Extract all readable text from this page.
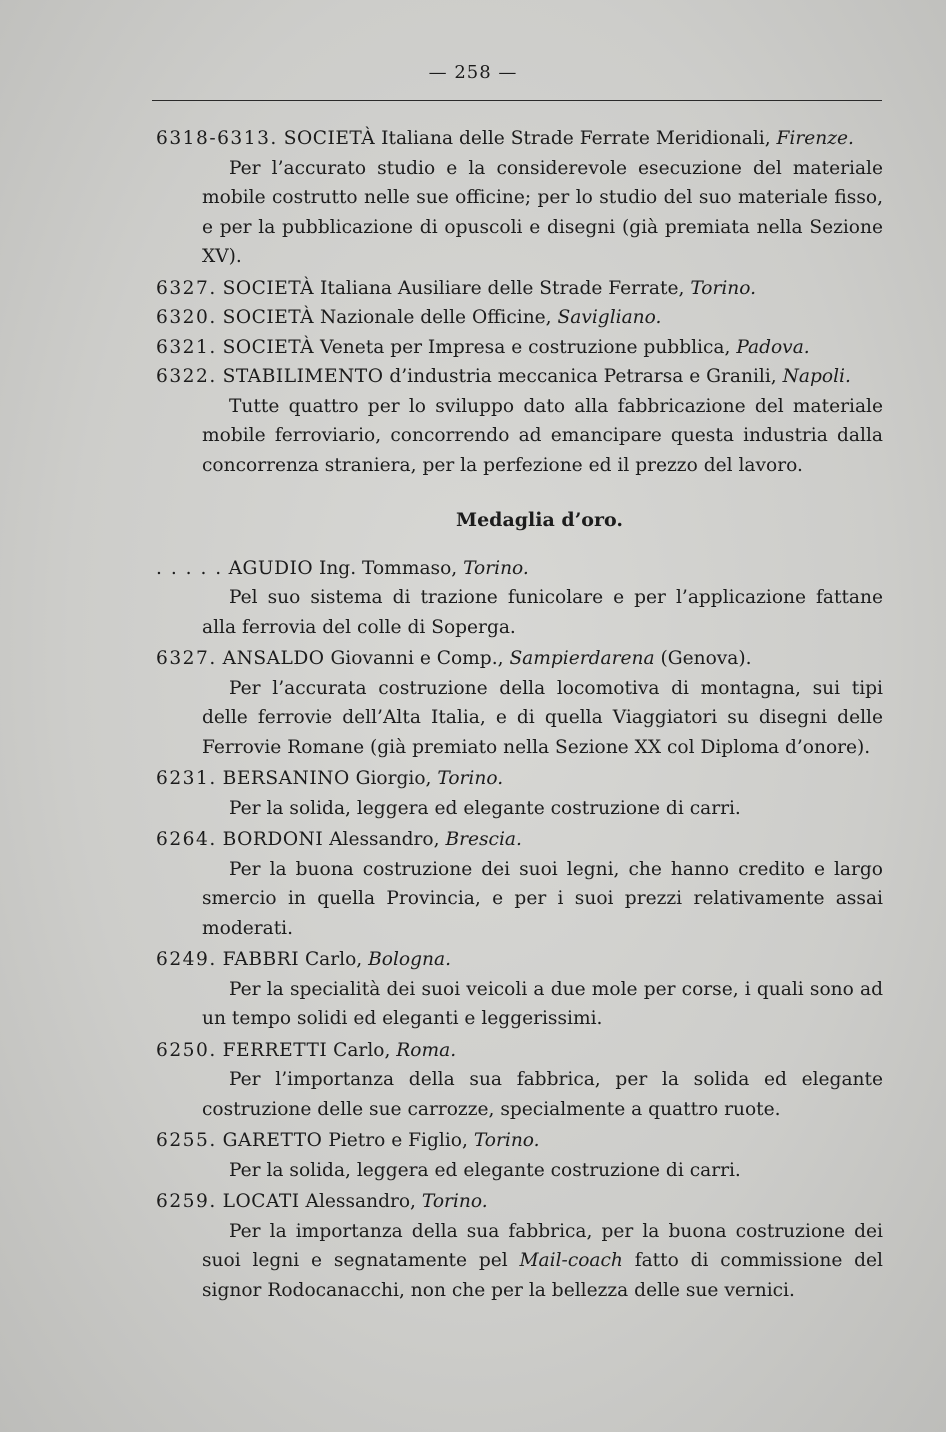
— 258 —

6318-6313. SOCIETÀ Italiana delle Strade Ferrate Meridionali, Firenze.

Per l’accurato studio e la considerevole esecuzione del materiale mobile costrutto nelle sue officine; per lo studio del suo materiale fisso, e per la pubblicazione di opuscoli e disegni (già premiata nella Sezione XV).

6327. SOCIETÀ Italiana Ausiliare delle Strade Ferrate, Torino.

6320. SOCIETÀ Nazionale delle Officine, Savigliano.

6321. SOCIETÀ Veneta per Impresa e costruzione pubblica, Padova.

6322. STABILIMENTO d’industria meccanica Petrarsa e Granili, Napoli.

Tutte quattro per lo sviluppo dato alla fabbricazione del materiale mobile ferroviario, concorrendo ad emancipare questa industria dalla concorrenza straniera, per la perfezione ed il prezzo del lavoro.

Medaglia d’oro.

. . . . . AGUDIO Ing. Tommaso, Torino.

Pel suo sistema di trazione funicolare e per l’applicazione fattane alla ferrovia del colle di Soperga.

6327. ANSALDO Giovanni e Comp., Sampierdarena (Genova).

Per l’accurata costruzione della locomotiva di montagna, sui tipi delle ferrovie dell’Alta Italia, e di quella Viaggiatori su disegni delle Ferrovie Romane (già premiato nella Sezione XX col Diploma d’onore).

6231. BERSANINO Giorgio, Torino.

Per la solida, leggera ed elegante costruzione di carri.

6264. BORDONI Alessandro, Brescia.

Per la buona costruzione dei suoi legni, che hanno credito e largo smercio in quella Provincia, e per i suoi prezzi relativamente assai moderati.

6249. FABBRI Carlo, Bologna.

Per la specialità dei suoi veicoli a due mole per corse, i quali sono ad un tempo solidi ed eleganti e leggerissimi.

6250. FERRETTI Carlo, Roma.

Per l’importanza della sua fabbrica, per la solida ed elegante costruzione delle sue carrozze, specialmente a quattro ruote.

6255. GARETTO Pietro e Figlio, Torino.

Per la solida, leggera ed elegante costruzione di carri.

6259. LOCATI Alessandro, Torino.

Per la importanza della sua fabbrica, per la buona costruzione dei suoi legni e segnatamente pel Mail-coach fatto di commissione del signor Rodocanacchi, non che per la bellezza delle sue vernici.
